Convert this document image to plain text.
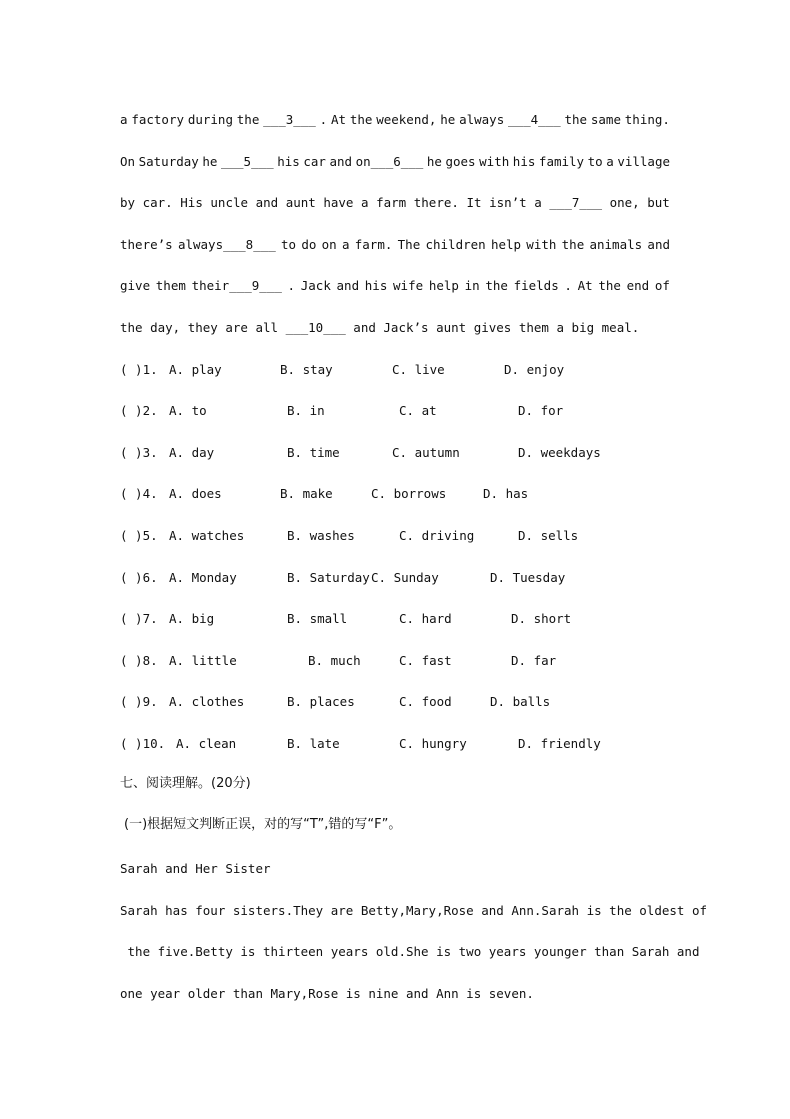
a factory during the ___3___ . At the weekend, he always ___4___ the same thing.
On Saturday he ___5___ his car and on___6___ he goes with his family to a village
by car. His uncle and aunt have a farm there. It isn’t a ___7___ one, but
there’s always___8___ to do on a farm. The children help with the animals and
give them their___9___ . Jack and his wife help in the fields . At the end of
the day, they are all ___10___ and Jack’s aunt gives them a big meal.
( )1. A. play	B. stay	C. live	D. enjoy
( )2. A. to	B. in	C. at	D. for
( )3. A. day	B. time	C. autumn	D. weekdays
( )4. A. does	B. make	C. borrows	D. has
( )5. A. watches	B. washes	C. driving	D. sells
( )6. A. Monday	B. Saturday C. Sunday	D. Tuesday
( )7. A. big	B. small	C. hard	D. short
( )8. A. little	B. much	C. fast	D. far
( )9. A. clothes	B. places	C. food	D. balls
( )10. A. clean	B. late	C. hungry	D. friendly
七、阅读理解。(20分)
(一)根据短文判断正误，对的写“T”,错的写“F”。
Sarah and Her Sister
Sarah has four sisters.They are Betty,Mary,Rose and Ann.Sarah is the oldest of
the five.Betty is thirteen years old.She is two years younger than Sarah and
one year older than Mary,Rose is nine and Ann is seven.
